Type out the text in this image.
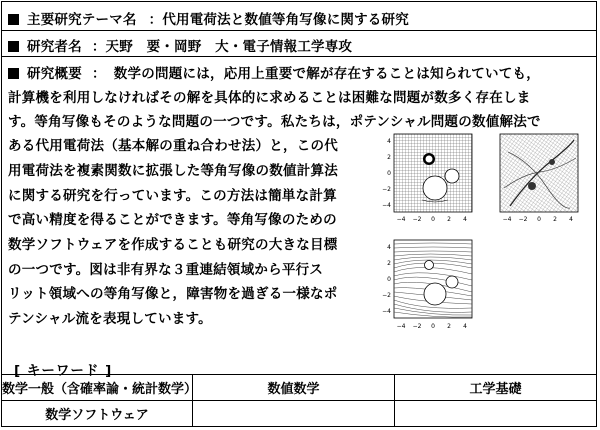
主要研究テーマ名 ：代用電荷法と数値等角写像に関する研究
研究者名 ：天野　要・岡野　大・電子情報工学専攻
研究概要 ： 数学の問題には，応用上重要で解が存在することは知られていても，
計算機を利用しなければその解を具体的に求めることは困難な問題が数多く存在しま
す。等角写像もそのような問題の一つです。私たちは，ポテンシャル問題の数値解法で
ある代用電荷法（基本解の重ね合わせ法）と，この代
用電荷法を複素関数に拡張した等角写像の数値計算法
に関する研究を行っています。この方法は簡単な計算
で高い精度を得ることができます。等角写像のための
数学ソフトウェアを作成することも研究の大きな目標
の一つです。図は非有界な３重連結領域から平行ス
リット領域への等角写像と，障害物を過ぎる一様なポ
テンシャル流を表現しています。
−4 −2 0 2 4
4
2
0
−2
−4
−4 −2 0 2 4
−4 −2 0 2 4
4
2
0
−2
−4
[ キーワード ]
数学一般（含確率論・統計数学）	数値数学	工学基礎
数学ソフトウェア		
